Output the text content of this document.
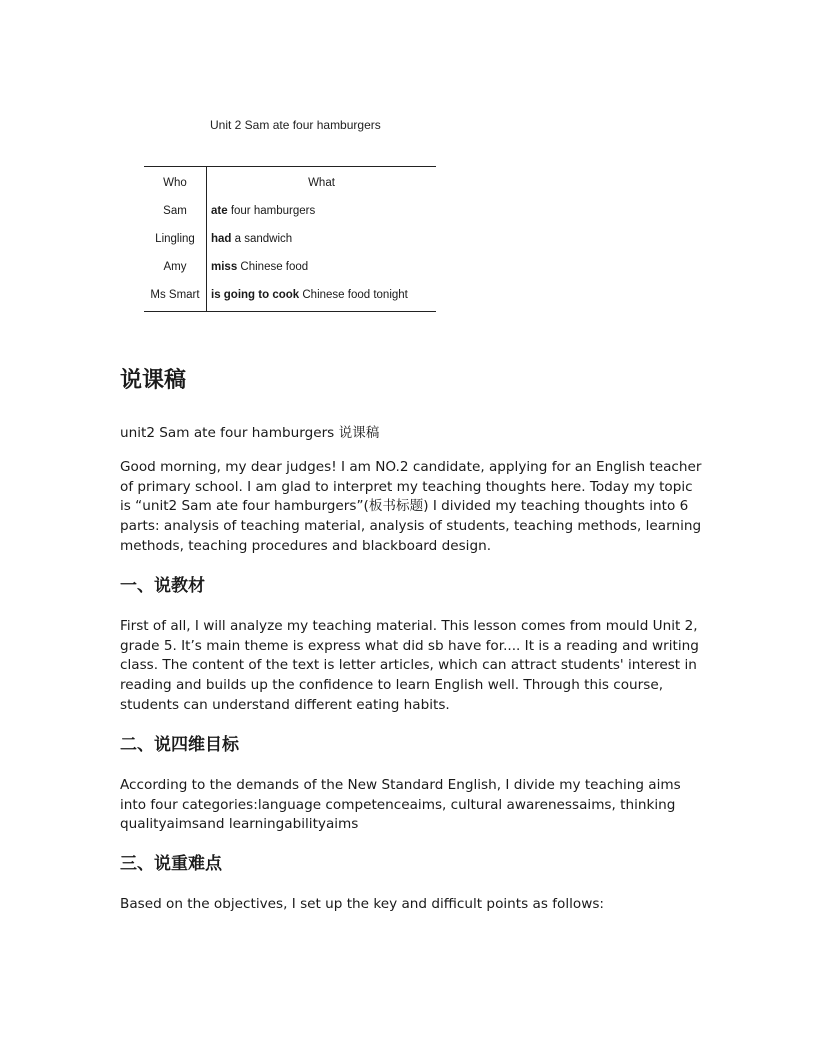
Unit 2 Sam ate four hamburgers

Who	What
Sam	ate four hamburgers
Lingling	had a sandwich
Amy	miss Chinese food
Ms Smart	is going to cook Chinese food tonight
说课稿

unit2 Sam ate four hamburgers 说课稿

Good morning, my dear judges! I am NO.2 candidate, applying for an English teacher of primary school. I am glad to interpret my teaching thoughts here. Today my topic is “unit2 Sam ate four hamburgers”(板书标题) I divided my teaching thoughts into 6 parts: analysis of teaching material, analysis of students, teaching methods, learning methods, teaching procedures and blackboard design.

一、说教材

First of all, I will analyze my teaching material. This lesson comes from mould Unit 2, grade 5. It’s main theme is express what did sb have for.... It is a reading and writing class. The content of the text is letter articles, which can attract students' interest in reading and builds up the confidence to learn English well. Through this course, students can understand different eating habits.

二、说四维目标

According to the demands of the New Standard English, I divide my teaching aims into four categories:language competenceaims, cultural awarenessaims, thinking qualityaimsand learningabilityaims

三、说重难点

Based on the objectives, I set up the key and difficult points as follows:
